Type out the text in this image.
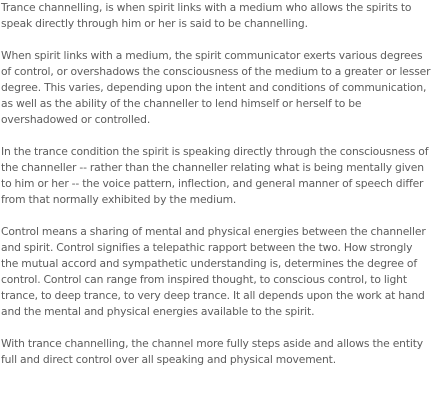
Trance channelling, is when spirit links with a medium who allows the spirits to speak directly through him or her is said to be channelling.

When spirit links with a medium, the spirit communicator exerts various degrees of control, or overshadows the consciousness of the medium to a greater or lesser degree. This varies, depending upon the intent and conditions of communication, as well as the ability of the channeller to lend himself or herself to be overshadowed or controlled.

In the trance condition the spirit is speaking directly through the consciousness of the channeller -- rather than the channeller relating what is being mentally given to him or her -- the voice pattern, inflection, and general manner of speech differ from that normally exhibited by the medium.

Control means a sharing of mental and physical energies between the channeller and spirit. Control signifies a telepathic rapport between the two. How strongly the mutual accord and sympathetic understanding is, determines the degree of control. Control can range from inspired thought, to conscious control, to light trance, to deep trance, to very deep trance. It all depends upon the work at hand and the mental and physical energies available to the spirit.

With trance channelling, the channel more fully steps aside and allows the entity full and direct control over all speaking and physical movement.
